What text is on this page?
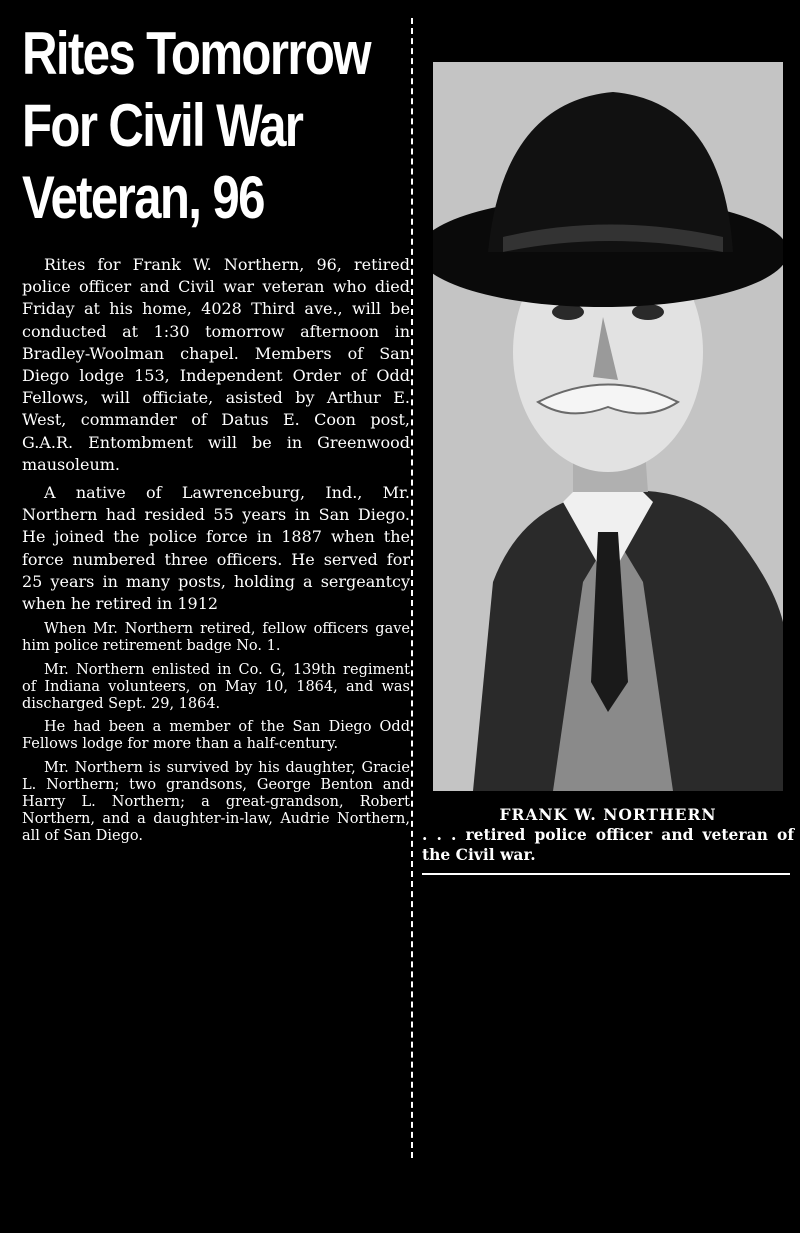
Rites Tomorrow
For Civil War
Veteran, 96

Rites for Frank W. Northern, 96, retired police officer and Civil war veteran who died Friday at his home, 4028 Third ave., will be conducted at 1:30 tomorrow afternoon in Bradley-Woolman chapel. Members of San Diego lodge 153, Independent Order of Odd Fellows, will officiate, asisted by Arthur E. West, commander of Datus E. Coon post, G.A.R. Entombment will be in Greenwood mausoleum.

A native of Lawrenceburg, Ind., Mr. Northern had resided 55 years in San Diego. He joined the police force in 1887 when the force numbered three officers. He served for 25 years in many posts, holding a sergeantcy when he retired in 1912

When Mr. Northern retired, fellow officers gave him police retirement badge No. 1.

Mr. Northern enlisted in Co. G, 139th regiment of Indiana volunteers, on May 10, 1864, and was discharged Sept. 29, 1864.

He had been a member of the San Diego Odd Fellows lodge for more than a half-century.

Mr. Northern is survived by his daughter, Gracie L. Northern; two grandsons, George Benton and Harry L. Northern; a great-grandson, Robert Northern, and a daughter-in-law, Audrie Northern, all of San Diego.

FRANK W. NORTHERN
. . . retired police officer and veteran of the Civil war.
